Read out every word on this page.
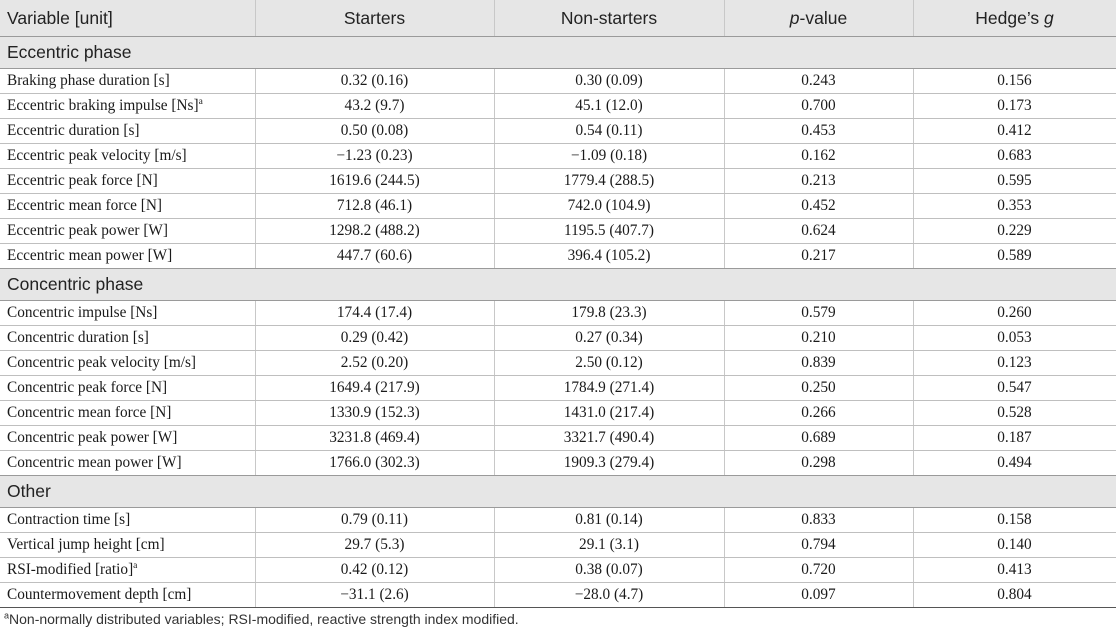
Variable [unit]	Starters	Non-starters	p-value	Hedge’s g
Eccentric phase				
Braking phase duration [s]	0.32 (0.16)	0.30 (0.09)	0.243	0.156
Eccentric braking impulse [Ns]$^a$	43.2 (9.7)	45.1 (12.0)	0.700	0.173
Eccentric duration [s]	0.50 (0.08)	0.54 (0.11)	0.453	0.412
Eccentric peak velocity [m/s]	−1.23 (0.23)	−1.09 (0.18)	0.162	0.683
Eccentric peak force [N]	1619.6 (244.5)	1779.4 (288.5)	0.213	0.595
Eccentric mean force [N]	712.8 (46.1)	742.0 (104.9)	0.452	0.353
Eccentric peak power [W]	1298.2 (488.2)	1195.5 (407.7)	0.624	0.229
Eccentric mean power [W]	447.7 (60.6)	396.4 (105.2)	0.217	0.589
Concentric phase				
Concentric impulse [Ns]	174.4 (17.4)	179.8 (23.3)	0.579	0.260
Concentric duration [s]	0.29 (0.42)	0.27 (0.34)	0.210	0.053
Concentric peak velocity [m/s]	2.52 (0.20)	2.50 (0.12)	0.839	0.123
Concentric peak force [N]	1649.4 (217.9)	1784.9 (271.4)	0.250	0.547
Concentric mean force [N]	1330.9 (152.3)	1431.0 (217.4)	0.266	0.528
Concentric peak power [W]	3231.8 (469.4)	3321.7 (490.4)	0.689	0.187
Concentric mean power [W]	1766.0 (302.3)	1909.3 (279.4)	0.298	0.494
Other				
Contraction time [s]	0.79 (0.11)	0.81 (0.14)	0.833	0.158
Vertical jump height [cm]	29.7 (5.3)	29.1 (3.1)	0.794	0.140
RSI-modified [ratio]$^a$	0.42 (0.12)	0.38 (0.07)	0.720	0.413
Countermovement depth [cm]	−31.1 (2.6)	−28.0 (4.7)	0.097	0.804
$^a$Non-normally distributed variables; RSI-modified, reactive strength index modified.
